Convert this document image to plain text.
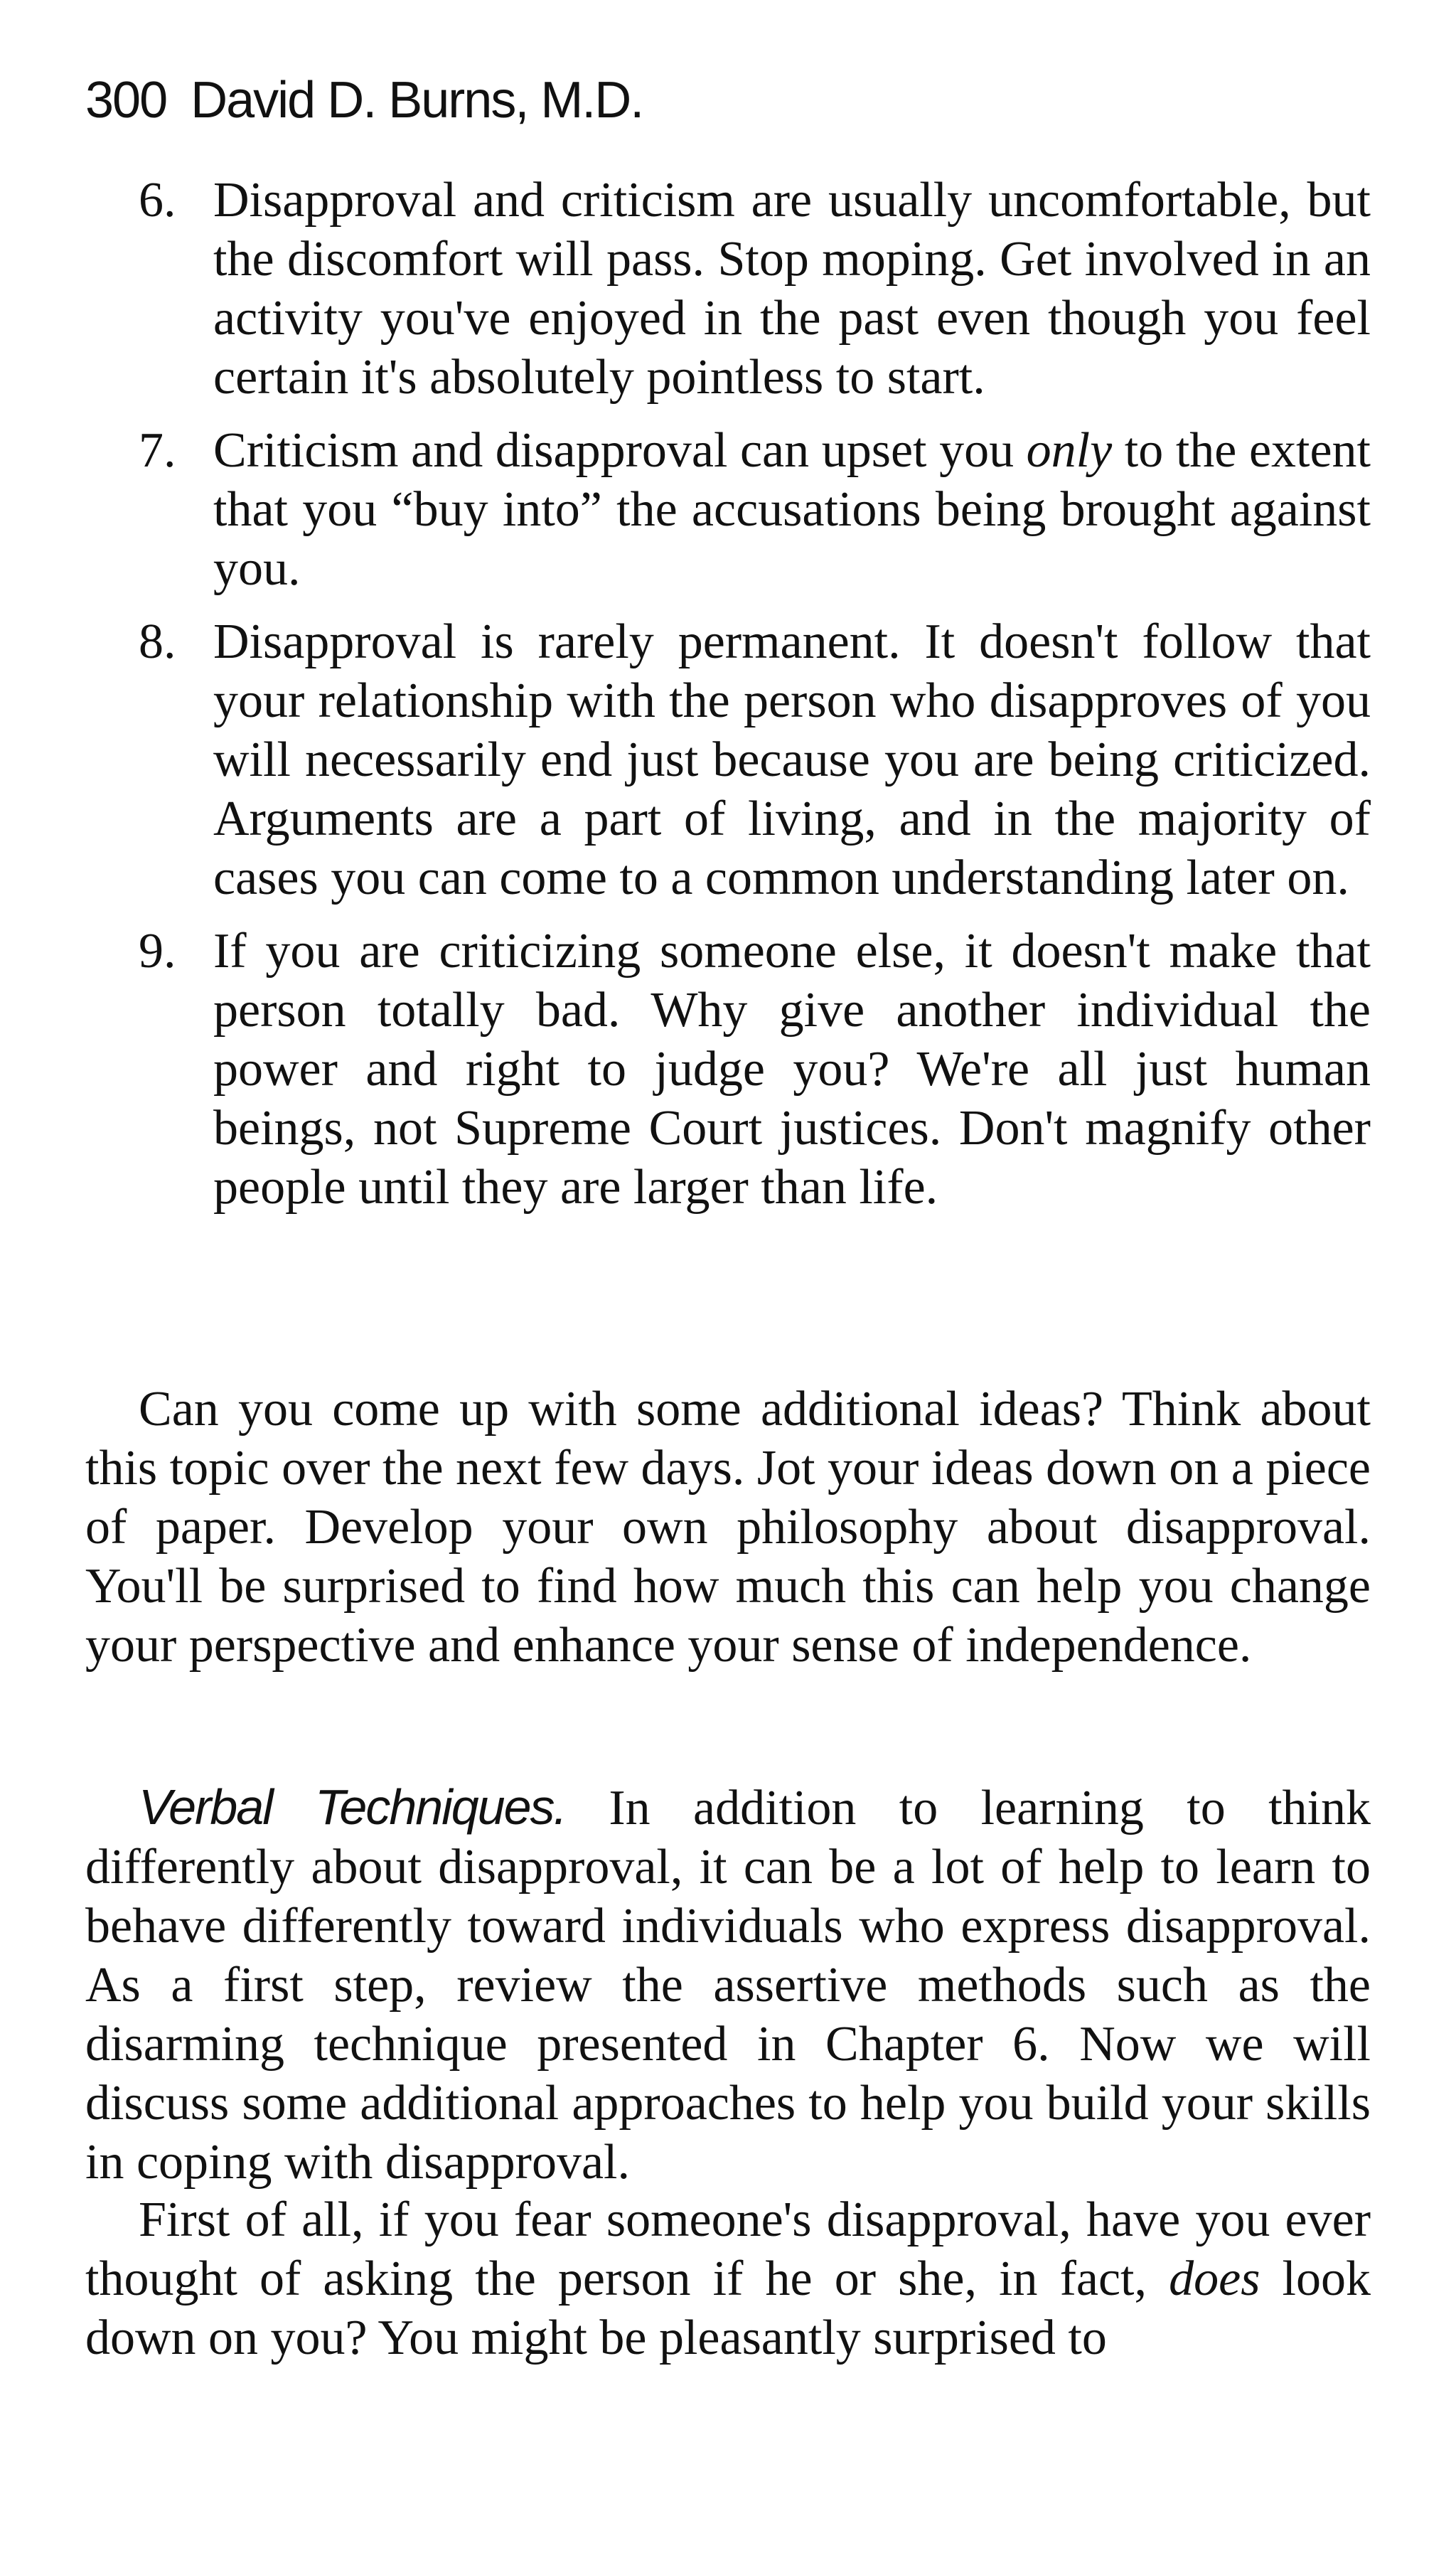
300 David D. Burns, M.D.
6. Disapproval and criticism are usually uncomfortable, but the discomfort will pass. Stop moping. Get involved in an activity you've enjoyed in the past even though you feel certain it's absolutely pointless to start.
7. Criticism and disapproval can upset you only to the extent that you “buy into” the accusations being brought against you.
8. Disapproval is rarely permanent. It doesn't follow that your relationship with the person who disapproves of you will necessarily end just because you are being criticized. Arguments are a part of living, and in the majority of cases you can come to a common understanding later on.
9. If you are criticizing someone else, it doesn't make that person totally bad. Why give another individual the power and right to judge you? We're all just human beings, not Supreme Court justices. Don't magnify other people until they are larger than life.

Can you come up with some additional ideas? Think about this topic over the next few days. Jot your ideas down on a piece of paper. Develop your own philosophy about disapproval. You'll be surprised to find how much this can help you change your perspective and enhance your sense of independence.

Verbal Techniques. In addition to learning to think differently about disapproval, it can be a lot of help to learn to behave differently toward individuals who express disapproval. As a first step, review the assertive methods such as the disarming technique presented in Chapter 6. Now we will discuss some additional approaches to help you build your skills in coping with disapproval.

First of all, if you fear someone's disapproval, have you ever thought of asking the person if he or she, in fact, does look down on you? You might be pleasantly surprised to
